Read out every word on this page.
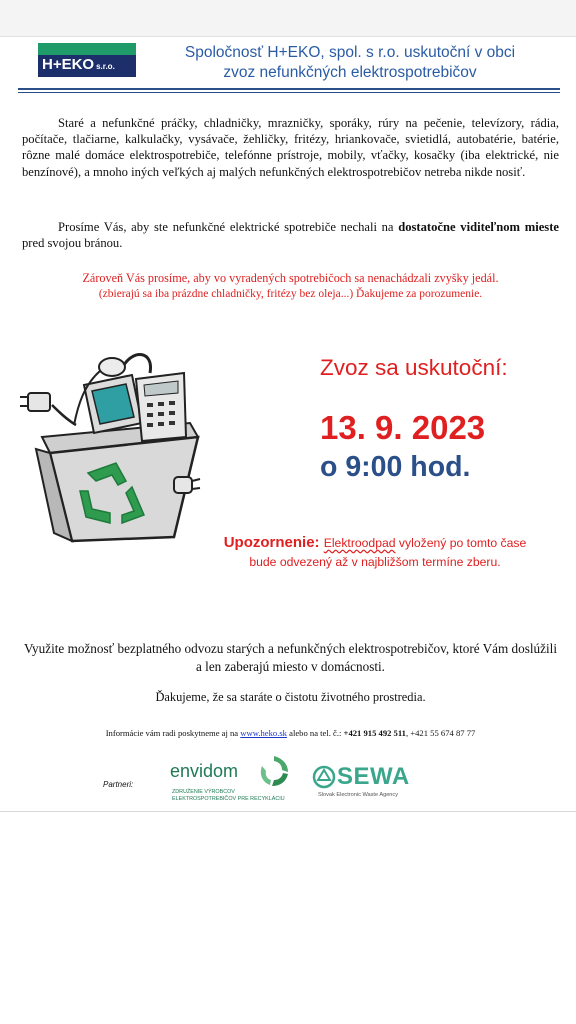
H+EKO s.r.o.
Spoločnosť H+EKO, spol. s r.o. uskutoční v obci
zvoz nefunkčných elektrospotrebičov
Staré a nefunkčné práčky, chladničky, mrazničky, sporáky, rúry na pečenie, televízory, rádia, počítače, tlačiarne, kalkulačky, vysávače, žehličky, fritézy, hriankovače, svietidlá, autobatérie, batérie, rôzne malé domáce elektrospotrebiče, telefónne prístroje, mobily, vťačky, kosačky (iba elektrické, nie benzínové), a mnoho iných veľkých aj malých nefunkčných elektrospotrebičov netreba nikde nosiť.
Prosíme Vás, aby ste nefunkčné elektrické spotrebiče nechali na dostatočne viditeľnom mieste pred svojou bránou.
Zároveň Vás prosíme, aby vo vyradených spotrebičoch sa nenachádzali zvyšky jedál.
(zbierajú sa iba prázdne chladničky, fritézy bez oleja...) Ďakujeme za porozumenie.
Zvoz sa uskutoční:
13. 9. 2023
o 9:00 hod.
Upozornenie: Elektroodpad vyložený po tomto čase
bude odvezený až v najbližšom termíne zberu.
Využite možnosť bezplatného odvozu starých a nefunkčných elektrospotrebičov, ktoré Vám doslúžili a len zaberajú miesto v domácnosti.
Ďakujeme, že sa staráte o čistotu životného prostredia.
Informácie vám radi poskytneme aj na www.heko.sk alebo na tel. č.: +421 915 492 511, +421 55 674 87 77
Partneri:
envidom
ZDRUŽENIE VÝROBCOV
ELEKTROSPOTREBIČOV PRE RECYKLÁCIU
SEWA
Slovak Electronic Waste Agency
